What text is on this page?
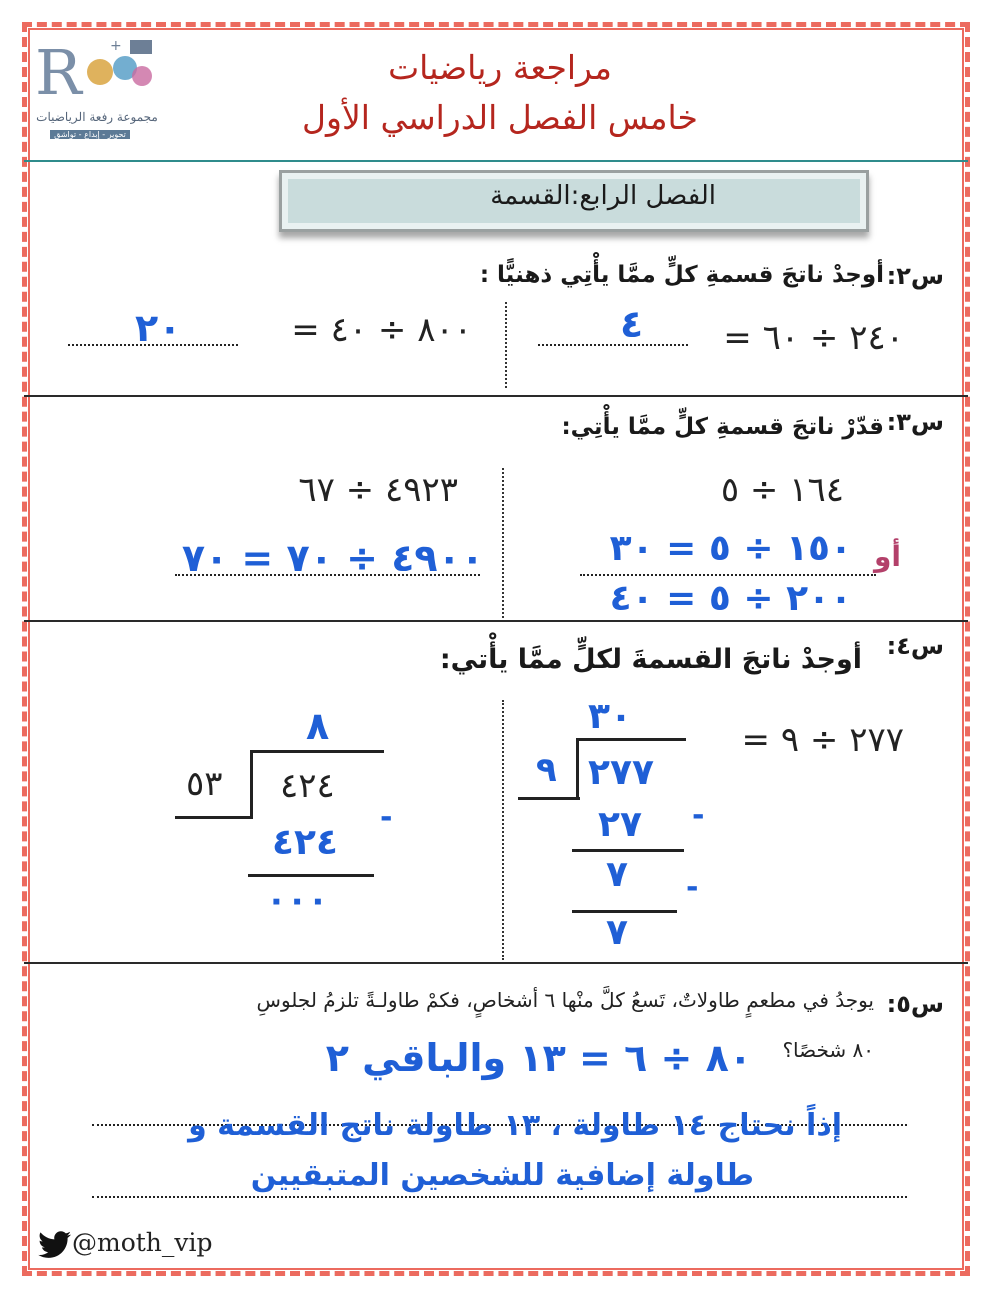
R +
مجموعة رفعة الرياضيات
تحوير - إبداع - تواشق
مراجعة رياضيات
خامس الفصل الدراسي الأول
الفصل الرابع:القسمة
س٢:
أوجدْ ناتجَ قسمةِ كلٍّ ممَّا يأْتِي ذهنيًّا :
٢٤٠ ÷ ٦٠ =
٤
٨٠٠ ÷ ٤٠ =
٢٠
س٣:
قدّرْ ناتجَ قسمةِ كلٍّ ممَّا يأْتِي:
١٦٤ ÷ ٥
١٥٠ ÷ ٥ = ٣٠ أو
٢٠٠ ÷ ٥ = ٤٠
٤٩٢٣ ÷ ٦٧
٤٩٠٠ ÷ ٧٠ = ٧٠
س٤:
أوجدْ ناتجَ القسمةَ لكلٍّ ممَّا يأْتي:
٢٧٧ ÷ ٩ =
٣٠
٩ ٢٧٧
٢٧ -
٧ -
٧
٨
٥٣ ٤٢٤
٤٢٤
-
٠٠٠
س٥:
يوجدُ في مطعمٍ طاولاتٌ، تَسعُ كلَّ منْها ٦ أشخاصٍ، فكمْ طاولـةً تلزمُ لجلوسِ
٨٠ شخصًا؟
٨٠ ÷ ٦ = ١٣ والباقي ٢
إذاً نحتاج ١٤ طاولة ، ١٣ طاولة ناتج القسمة و
طاولة إضافية للشخصين المتبقيين
@moth_vip
